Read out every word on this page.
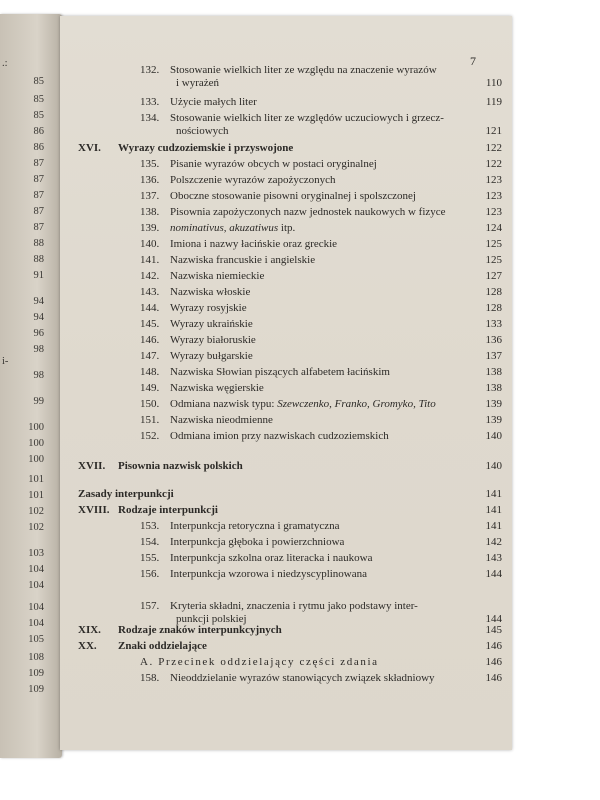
85
85
85
86
86
87
87
87
87
87
88
88
91
94
94
96
98
98
99
100
100
100
101
101
102
102
103
104
104
104
104
105
108
109
109
.:
i-
7
132. Stosowanie wielkich liter ze względu na znaczenie wyrazów
i wyrażeń	110
133. Użycie małych liter	119
134. Stosowanie wielkich liter ze względów uczuciowych i grzecz-
nościowych	121
XVI.	Wyrazy cudzoziemskie i przyswojone	122
135. Pisanie wyrazów obcych w postaci oryginalnej	122
136. Polszczenie wyrazów zapożyczonych	123
137. Oboczne stosowanie pisowni oryginalnej i spolszczonej	123
138. Pisownia zapożyczonych nazw jednostek naukowych w fizyce	123
139. nominativus, akuzatiwus itp.	124
140. Imiona i nazwy łacińskie oraz greckie	125
141. Nazwiska francuskie i angielskie	125
142. Nazwiska niemieckie	127
143. Nazwiska włoskie	128
144. Wyrazy rosyjskie	128
145. Wyrazy ukraińskie	133
146. Wyrazy białoruskie	136
147. Wyrazy bułgarskie	137
148. Nazwiska Słowian piszących alfabetem łacińskim	138
149. Nazwiska węgierskie	138
150. Odmiana nazwisk typu: Szewczenko, Franko, Gromyko, Tito	139
151. Nazwiska nieodmienne	139
152. Odmiana imion przy nazwiskach cudzoziemskich	140
XVII.	Pisownia nazwisk polskich	140
Zasady interpunkcji	141
XVIII. Rodzaje interpunkcji	141
153. Interpunkcja retoryczna i gramatyczna	141
154. Interpunkcja głęboka i powierzchniowa	142
155. Interpunkcja szkolna oraz literacka i naukowa	143
156. Interpunkcja wzorowa i niedzyscyplinowana	144
157. Kryteria składni, znaczenia i rytmu jako podstawy inter-
punkcji polskiej	144
XIX.	Rodzaje znaków interpunkcyjnych	145
XX.	Znaki oddzielające	146
A. Przecinek oddzielający części zdania	146
158. Nieoddzielanie wyrazów stanowiących związek składniowy	146
